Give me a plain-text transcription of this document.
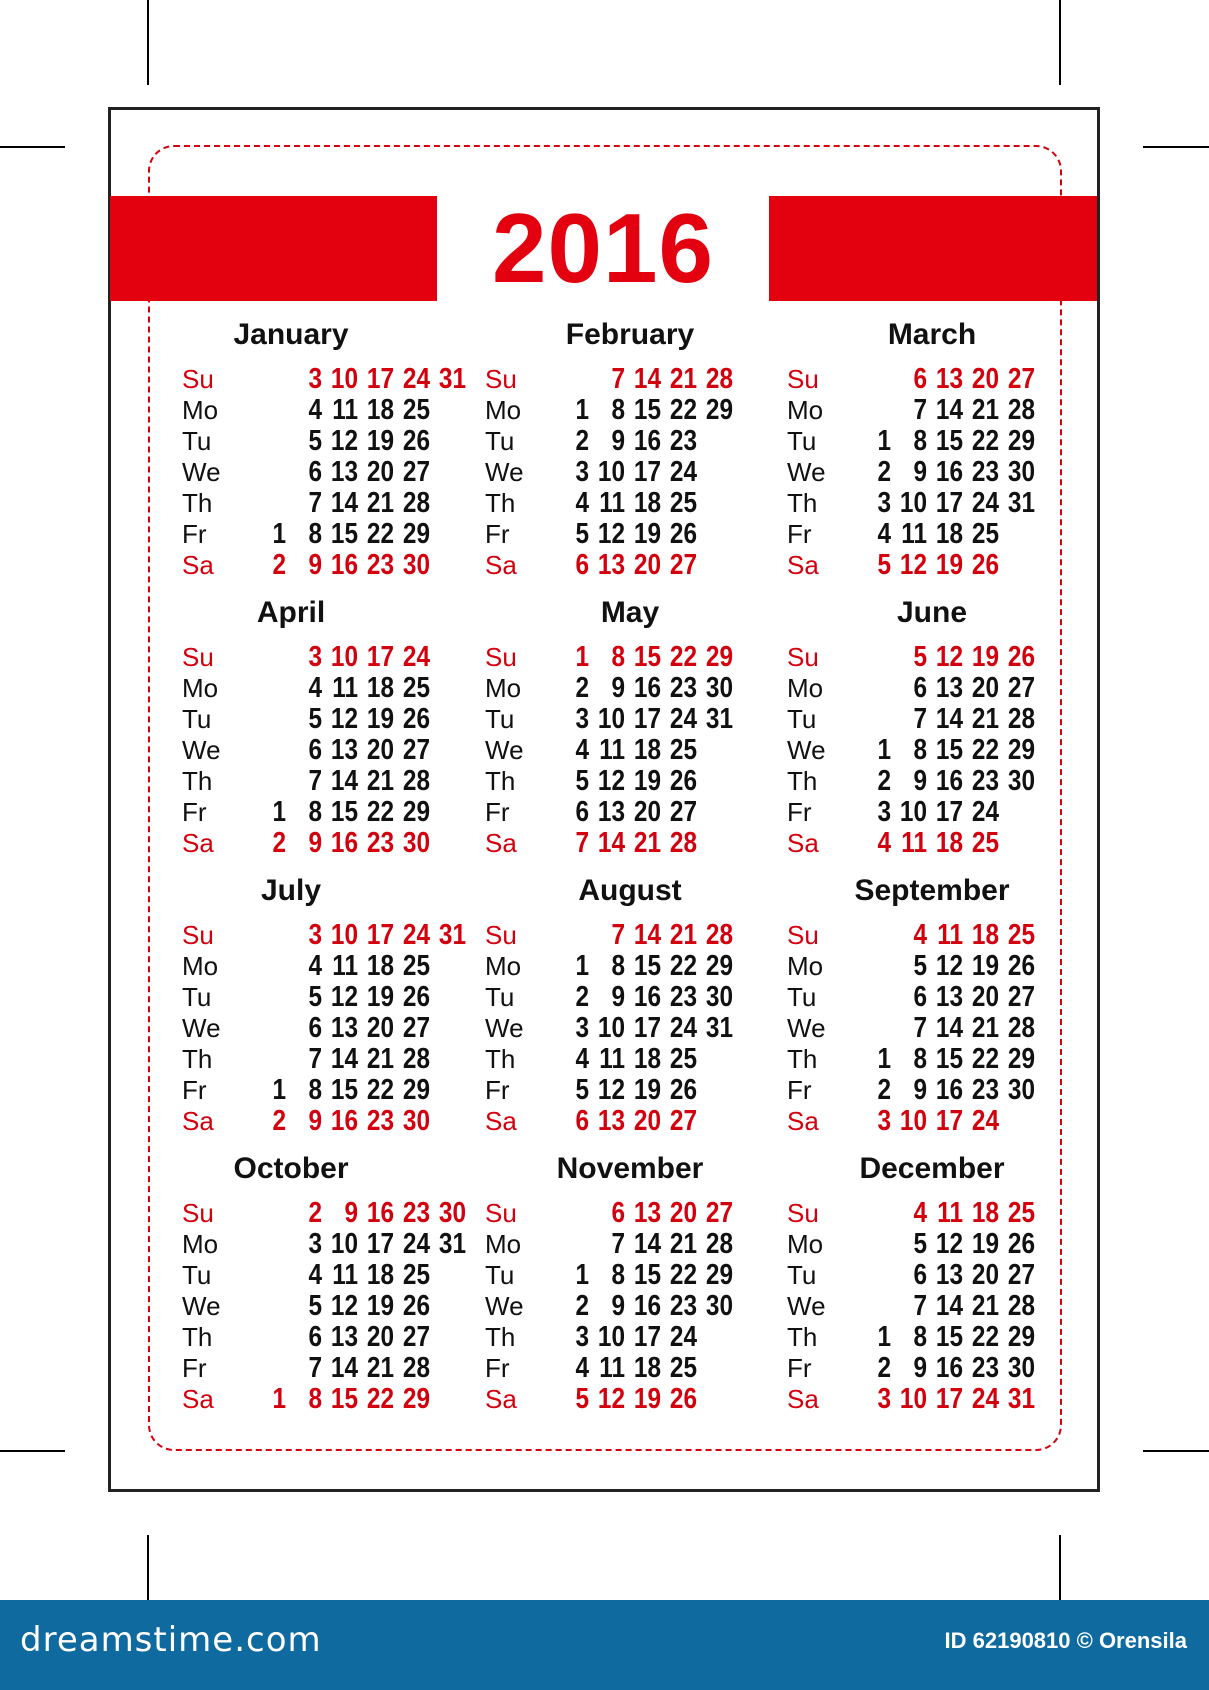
2016
January
Su	3 10 17 24 31
Mo	4 11 18 25
Tu	5 12 19 26
We	6 13 20 27
Th	7 14 21 28
Fr	1 8 15 22 29
Sa	2 9 16 23 30
February
Su	7 14 21 28
Mo	1 8 15 22 29
Tu	2 9 16 23
We	3 10 17 24
Th	4 11 18 25
Fr	5 12 19 26
Sa	6 13 20 27
March
Su	6 13 20 27
Mo	7 14 21 28
Tu	1 8 15 22 29
We	2 9 16 23 30
Th	3 10 17 24 31
Fr	4 11 18 25
Sa	5 12 19 26
April
Su	3 10 17 24
Mo	4 11 18 25
Tu	5 12 19 26
We	6 13 20 27
Th	7 14 21 28
Fr	1 8 15 22 29
Sa	2 9 16 23 30
May
Su	1 8 15 22 29
Mo	2 9 16 23 30
Tu	3 10 17 24 31
We	4 11 18 25
Th	5 12 19 26
Fr	6 13 20 27
Sa	7 14 21 28
June
Su	5 12 19 26
Mo	6 13 20 27
Tu	7 14 21 28
We	1 8 15 22 29
Th	2 9 16 23 30
Fr	3 10 17 24
Sa	4 11 18 25
July
Su	3 10 17 24 31
Mo	4 11 18 25
Tu	5 12 19 26
We	6 13 20 27
Th	7 14 21 28
Fr	1 8 15 22 29
Sa	2 9 16 23 30
August
Su	7 14 21 28
Mo	1 8 15 22 29
Tu	2 9 16 23 30
We	3 10 17 24 31
Th	4 11 18 25
Fr	5 12 19 26
Sa	6 13 20 27
September
Su	4 11 18 25
Mo	5 12 19 26
Tu	6 13 20 27
We	7 14 21 28
Th	1 8 15 22 29
Fr	2 9 16 23 30
Sa	3 10 17 24
October
Su	2 9 16 23 30
Mo	3 10 17 24 31
Tu	4 11 18 25
We	5 12 19 26
Th	6 13 20 27
Fr	7 14 21 28
Sa	1 8 15 22 29
November
Su	6 13 20 27
Mo	7 14 21 28
Tu	1 8 15 22 29
We	2 9 16 23 30
Th	3 10 17 24
Fr	4 11 18 25
Sa	5 12 19 26
December
Su	4 11 18 25
Mo	5 12 19 26
Tu	6 13 20 27
We	7 14 21 28
Th	1 8 15 22 29
Fr	2 9 16 23 30
Sa	3 10 17 24 31
dreamstime.com	ID 62190810 © Orensila
